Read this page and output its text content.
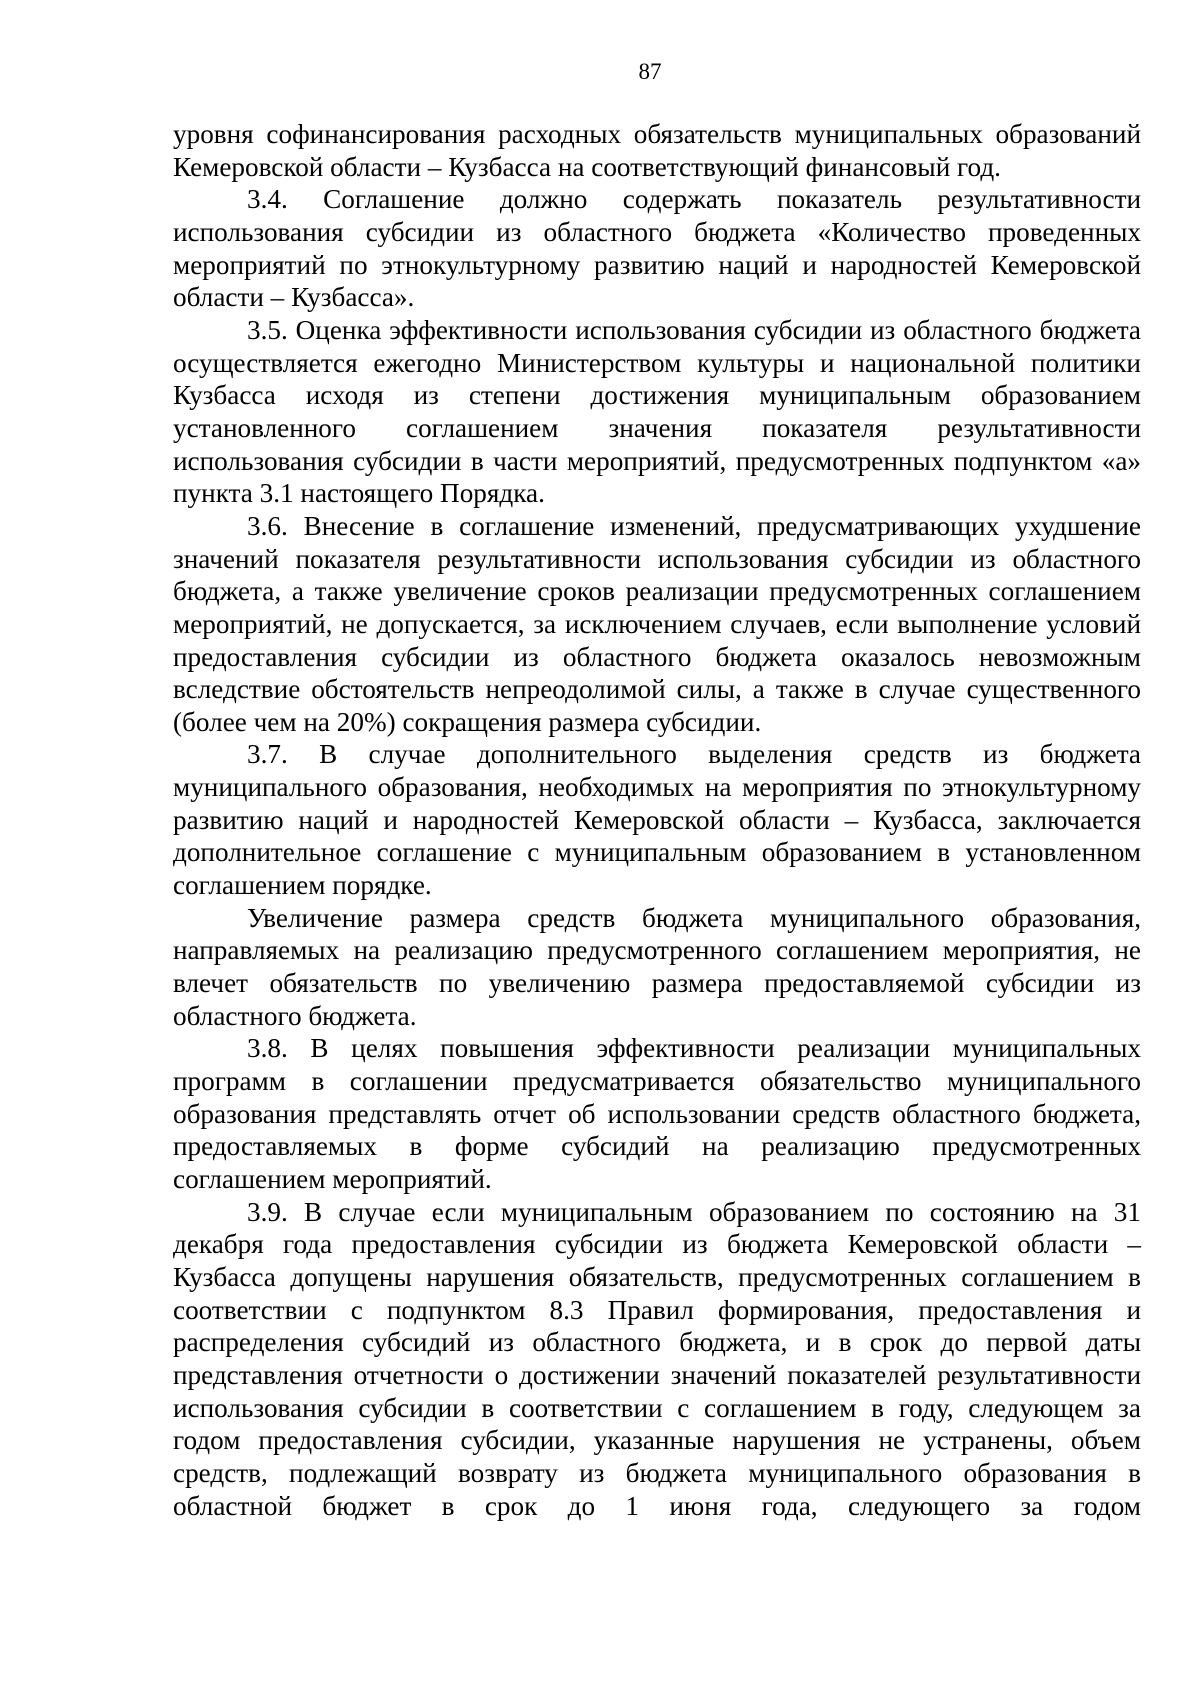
87

уровня софинансирования расходных обязательств муниципальных образований Кемеровской области – Кузбасса на соответствующий финансовый год.

3.4. Соглашение должно содержать показатель результативности использования субсидии из областного бюджета «Количество проведенных мероприятий по этнокультурному развитию наций и народностей Кемеровской области – Кузбасса».

3.5. Оценка эффективности использования субсидии из областного бюджета осуществляется ежегодно Министерством культуры и национальной политики Кузбасса исходя из степени достижения муниципальным образованием установленного соглашением значения показателя результативности использования субсидии в части мероприятий, предусмотренных подпунктом «а» пункта 3.1 настоящего Порядка.

3.6. Внесение в соглашение изменений, предусматривающих ухудшение значений показателя результативности использования субсидии из областного бюджета, а также увеличение сроков реализации предусмотренных соглашением мероприятий, не допускается, за исключением случаев, если выполнение условий предоставления субсидии из областного бюджета оказалось невозможным вследствие обстоятельств непреодолимой силы, а также в случае существенного (более чем на 20%) сокращения размера субсидии.

3.7. В случае дополнительного выделения средств из бюджета муниципального образования, необходимых на мероприятия по этнокультурному развитию наций и народностей Кемеровской области – Кузбасса, заключается дополнительное соглашение с муниципальным образованием в установленном соглашением порядке.

Увеличение размера средств бюджета муниципального образования, направляемых на реализацию предусмотренного соглашением мероприятия, не влечет обязательств по увеличению размера предоставляемой субсидии из областного бюджета.

3.8. В целях повышения эффективности реализации муниципальных программ в соглашении предусматривается обязательство муниципального образования представлять отчет об использовании средств областного бюджета, предоставляемых в форме субсидий на реализацию предусмотренных соглашением мероприятий.

3.9. В случае если муниципальным образованием по состоянию на 31 декабря года предоставления субсидии из бюджета Кемеровской области – Кузбасса допущены нарушения обязательств, предусмотренных соглашением в соответствии с подпунктом 8.3 Правил формирования, предоставления и распределения субсидий из областного бюджета, и в срок до первой даты представления отчетности о достижении значений показателей результативности использования субсидии в соответствии с соглашением в году, следующем за годом предоставления субсидии, указанные нарушения не устранены, объем средств, подлежащий возврату из бюджета муниципального образования в областной бюджет в срок до 1 июня года, следующего за годом
